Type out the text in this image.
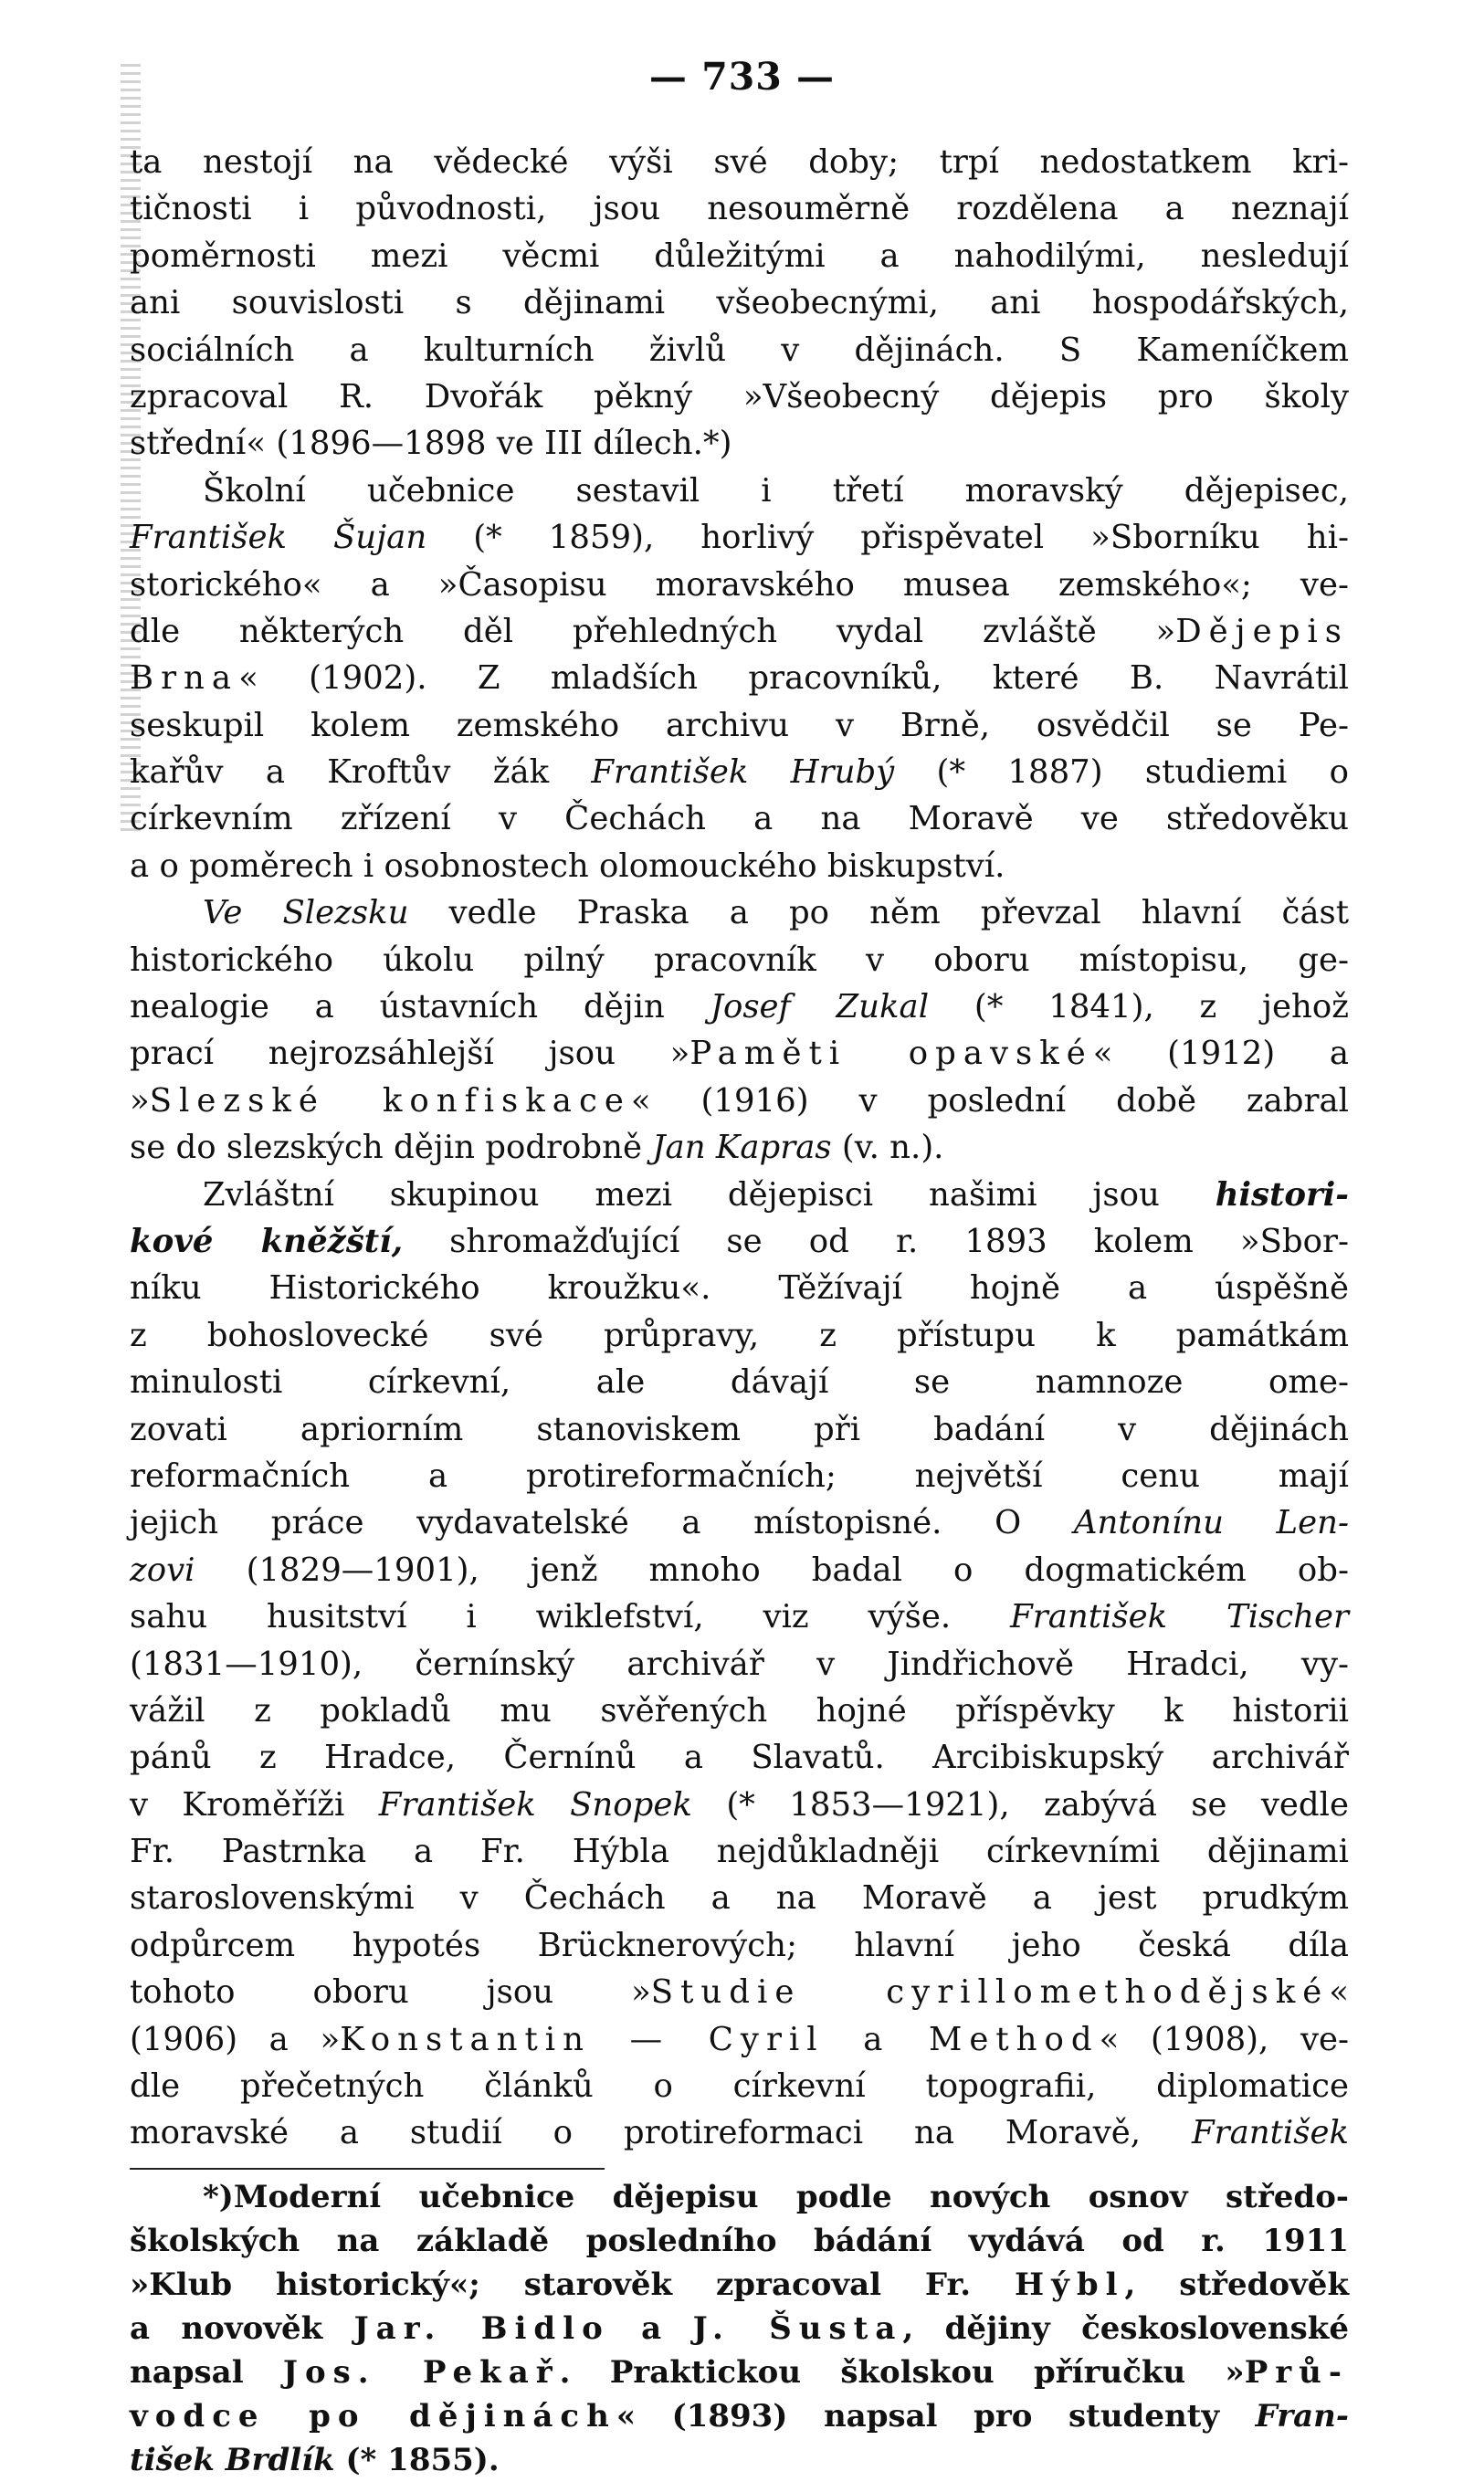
— 733 —
ta nestojí na vědecké výši své doby; trpí nedostatkem kri-
tičnosti i původnosti, jsou nesouměrně rozdělena a neznají
poměrnosti mezi věcmi důležitými a nahodilými, nesledují
ani souvislosti s dějinami všeobecnými, ani hospodářských,
sociálních a kulturních živlů v dějinách. S Kameníčkem
zpracoval R. Dvořák pěkný »Všeobecný dějepis pro školy
střední« (1896—1898 ve III dílech.*)
Školní učebnice sestavil i třetí moravský dějepisec,
František Šujan (* 1859), horlivý přispěvatel »Sborníku hi-
storického« a »Časopisu moravského musea zemského«; ve-
dle některých děl přehledných vydal zvláště »Dějepis
Brna« (1902). Z mladších pracovníků, které B. Navrátil
seskupil kolem zemského archivu v Brně, osvědčil se Pe-
kařův a Kroftův žák František Hrubý (* 1887) studiemi o
církevním zřízení v Čechách a na Moravě ve středověku
a o poměrech i osobnostech olomouckého biskupství.
Ve Slezsku vedle Praska a po něm převzal hlavní část
historického úkolu pilný pracovník v oboru místopisu, ge-
nealogie a ústavních dějin Josef Zukal (* 1841), z jehož
prací nejrozsáhlejší jsou »Paměti opavské« (1912) a
»Slezské konfiskace« (1916) v poslední době zabral
se do slezských dějin podrobně Jan Kapras (v. n.).
Zvláštní skupinou mezi dějepisci našimi jsou histori-
kové kněžští, shromažďující se od r. 1893 kolem »Sbor-
níku Historického kroužku«. Těžívají hojně a úspěšně
z bohoslovecké své průpravy, z přístupu k památkám
minulosti církevní, ale dávají se namnoze ome-
zovati apriorním stanoviskem při badání v dějinách
reformačních a protireformačních; největší cenu mají
jejich práce vydavatelské a místopisné. O Antonínu Len-
zovi (1829—1901), jenž mnoho badal o dogmatickém ob-
sahu husitství i wiklefství, viz výše. František Tischer
(1831—1910), černínský archivář v Jindřichově Hradci, vy-
vážil z pokladů mu svěřených hojné příspěvky k historii
pánů z Hradce, Černínů a Slavatů. Arcibiskupský archivář
v Kroměříži František Snopek (* 1853—1921), zabývá se vedle
Fr. Pastrnka a Fr. Hýbla nejdůkladněji církevními dějinami
staroslovenskými v Čechách a na Moravě a jest prudkým
odpůrcem hypotés Brücknerových; hlavní jeho česká díla
tohoto oboru jsou »Studie cyrillomethodějské«
(1906) a »Konstantin — Cyril a Method« (1908), ve-
dle přečetných článků o církevní topografii, diplomatice
moravské a studií o protireformaci na Moravě, František
*)Moderní učebnice dějepisu podle nových osnov středo-
školských na základě posledního bádání vydává od r. 1911
»Klub historický«; starověk zpracoval Fr. Hýbl, středověk
a novověk Jar. Bidlo a J. Šusta, dějiny československé
napsal Jos. Pekař. Praktickou školskou příručku »Prů-
vodce po dějinách« (1893) napsal pro studenty Fran-
tišek Brdlík (* 1855).
